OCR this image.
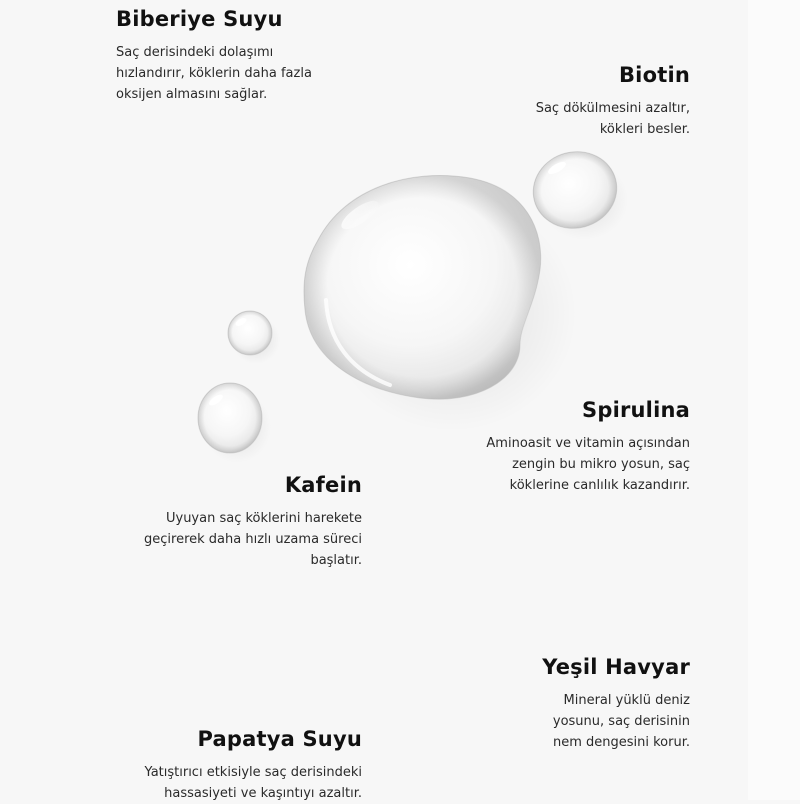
Biberiye Suyu

Saç derisindeki dolaşımı
hızlandırır, köklerin daha fazla
oksijen almasını sağlar.

Biotin

Saç dökülmesini azaltır,
kökleri besler.

Spirulina

Aminoasit ve vitamin açısından
zengin bu mikro yosun, saç
köklerine canlılık kazandırır.

Kafein

Uyuyan saç köklerini harekete
geçirerek daha hızlı uzama süreci
başlatır.

Yeşil Havyar

Mineral yüklü deniz
yosunu, saç derisinin
nem dengesini korur.

Papatya Suyu

Yatıştırıcı etkisiyle saç derisindeki
hassasiyeti ve kaşıntıyı azaltır.
